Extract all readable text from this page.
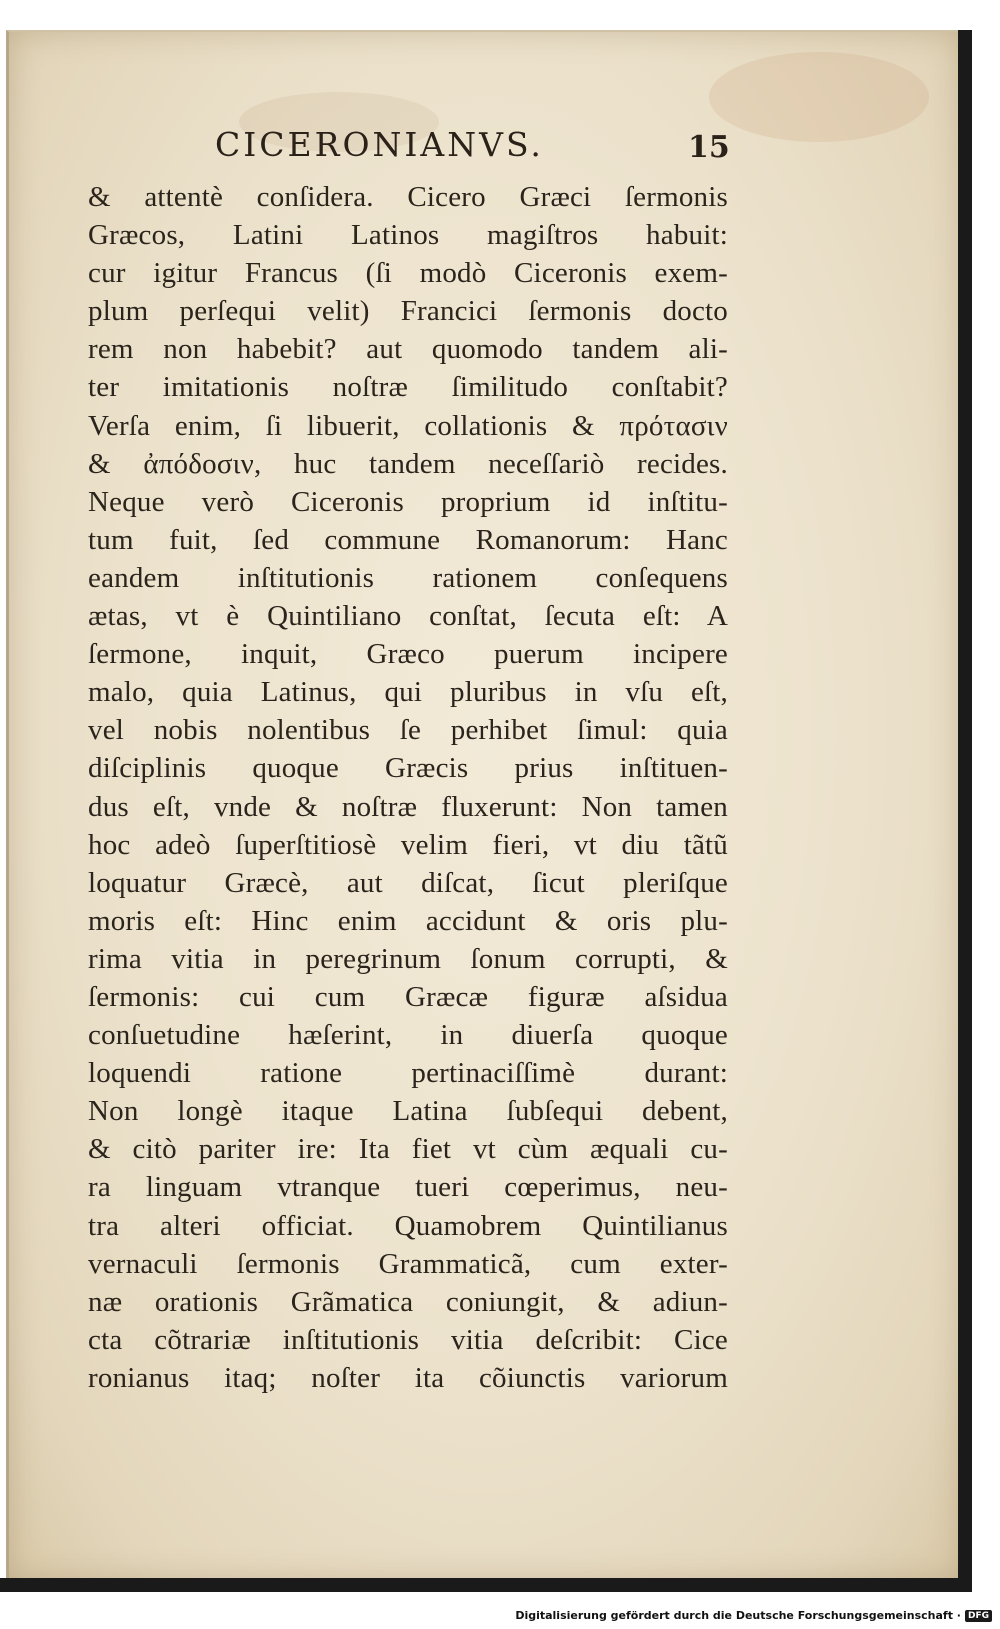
CICERONIANVS.	15
& attentè conſidera. Cicero Græci ſermonis
Græcos, Latini Latinos magiſtros habuit:
cur igitur Francus (ſi modò Ciceronis exem-
plum perſequi velit) Francici ſermonis docto
rem non habebit? aut quomodo tandem ali-
ter imitationis noſtræ ſimilitudo conſtabit?
Verſa enim, ſi libuerit, collationis & πρότασιν
& ἀπόδοσιν, huc tandem neceſſariò recides.
Neque verò Ciceronis proprium id inſtitu-
tum fuit, ſed commune Romanorum: Hanc
eandem inſtitutionis rationem conſequens
ætas, vt è Quintiliano conſtat, ſecuta eſt: A
ſermone, inquit, Græco puerum incipere
malo, quia Latinus, qui pluribus in vſu eſt,
vel nobis nolentibus ſe perhibet ſimul: quia
diſciplinis quoque Græcis prius inſtituen-
dus eſt, vnde & noſtræ fluxerunt: Non tamen
hoc adeò ſuperſtitiosè velim fieri, vt diu tãtũ
loquatur Græcè, aut diſcat, ſicut pleriſque
moris eſt: Hinc enim accidunt & oris plu-
rima vitia in peregrinum ſonum corrupti, &
ſermonis: cui cum Græcæ figuræ aſsidua
conſuetudine hæſerint, in diuerſa quoque
loquendi ratione pertinaciſſimè durant:
Non longè itaque Latina ſubſequi debent,
& citò pariter ire: Ita fiet vt cùm æquali cu-
ra linguam vtranque tueri cœperimus, neu-
tra alteri officiat. Quamobrem Quintilianus
vernaculi ſermonis Grammaticã, cum exter-
næ orationis Grãmatica coniungit, & adiun-
cta cõtrariæ inſtitutionis vitia deſcribit: Cice
ronianus itaq; noſter ita cõiunctis variorum
Digitalisierung gefördert durch die Deutsche Forschungsgemeinschaft · DFG
